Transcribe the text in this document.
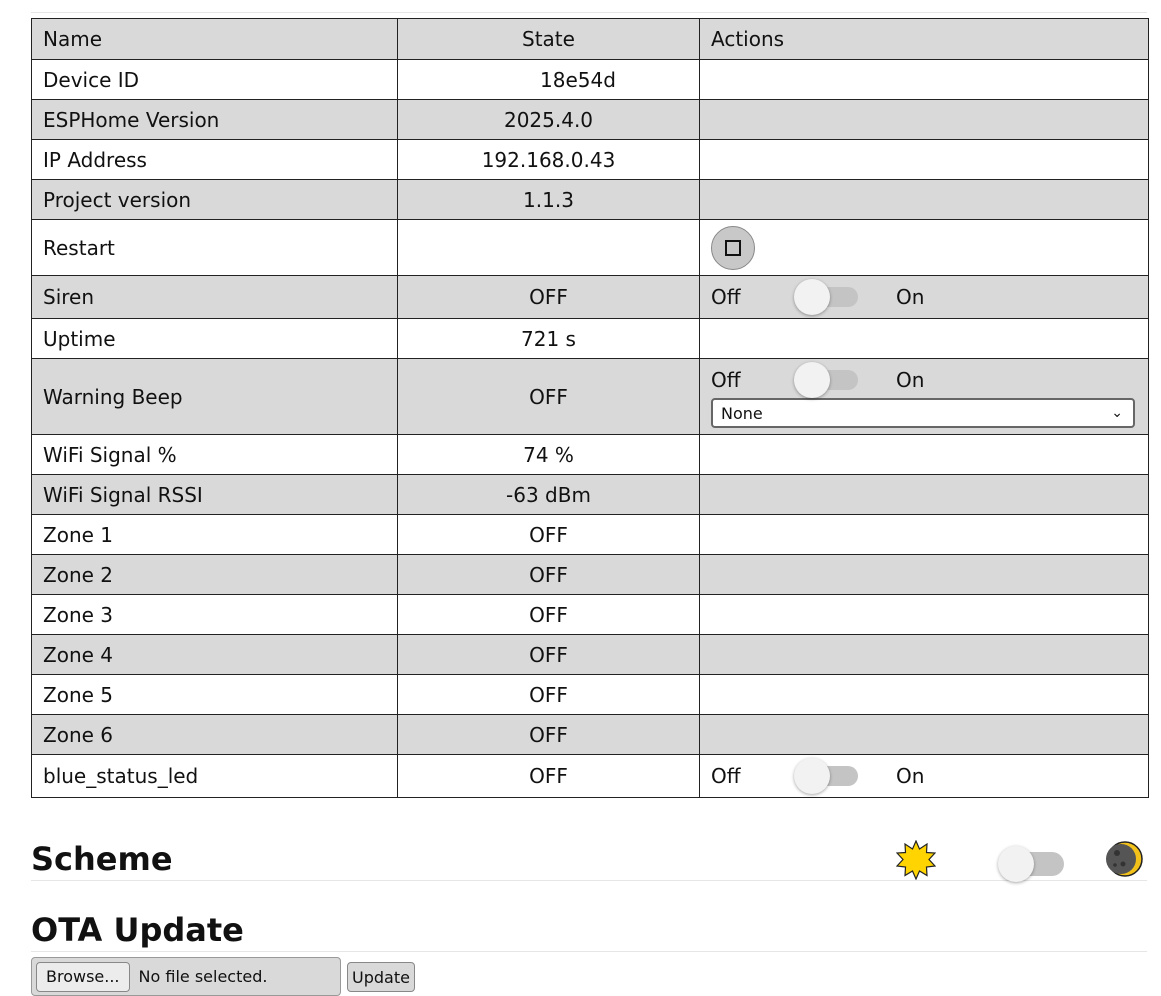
Name	State	Actions
Device ID	18e54d	
ESPHome Version	2025.4.0	
IP Address	192.168.0.43	
Project version	1.1.3	
Restart		

Siren	OFF	Off On

Uptime	721 s	
Warning Beep	OFF	Off On
None ⌄

WiFi Signal %	74 %	
WiFi Signal RSSI	-63 dBm	
Zone 1	OFF	
Zone 2	OFF	
Zone 3	OFF	
Zone 4	OFF	
Zone 5	OFF	
Zone 6	OFF	
blue_status_led	OFF	Off On
Scheme
OTA Update
Browse...	No file selected.	Update
